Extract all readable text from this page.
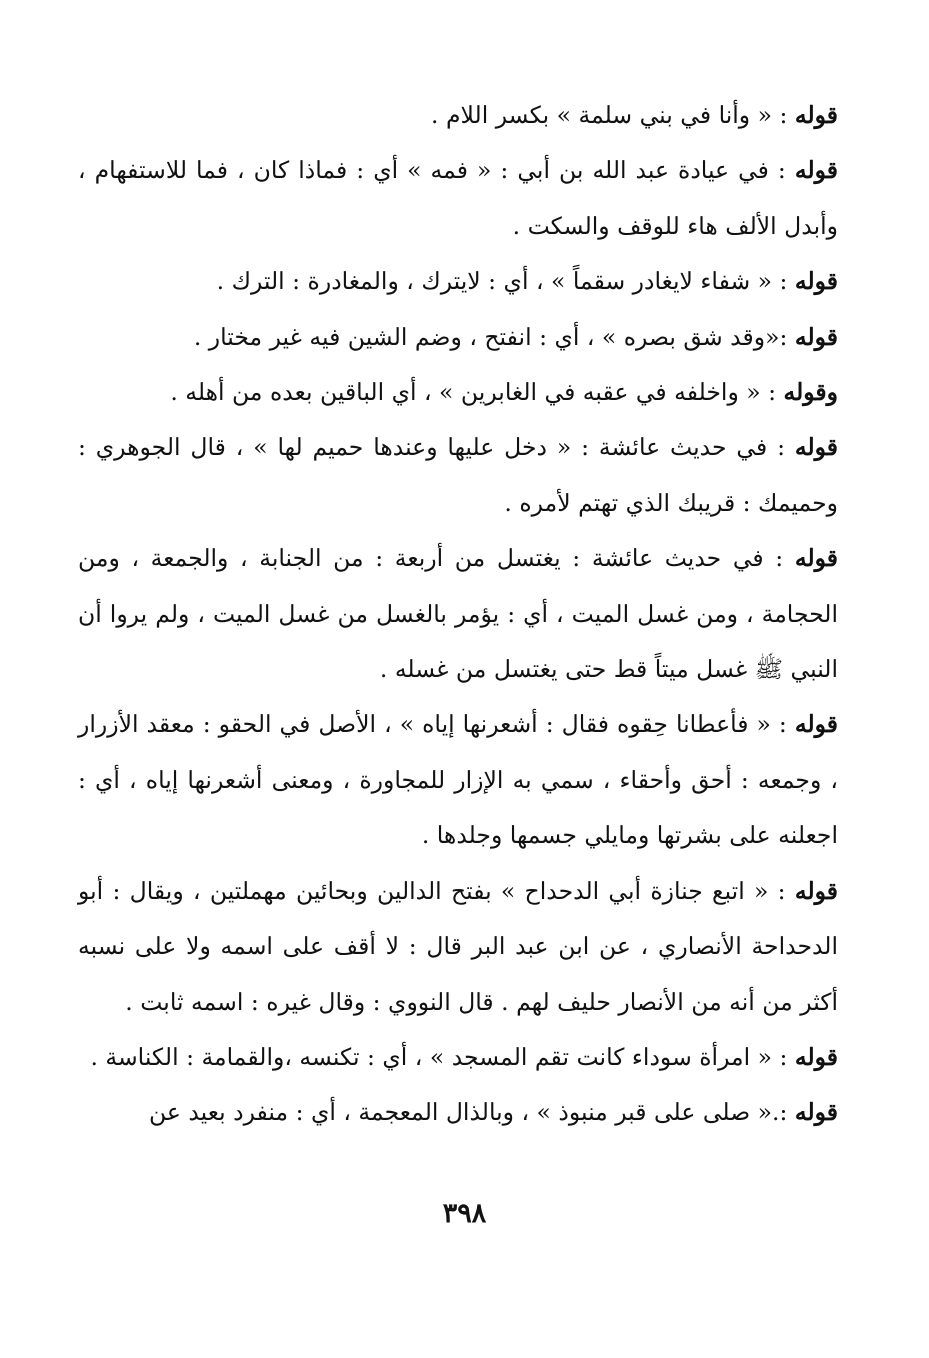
قوله : « وأنا في بني سلمة » بكسر اللام .

قوله : في عيادة عبد الله بن أبي : « فمه » أي : فماذا كان ، فما للاستفهام ، وأبدل الألف هاء للوقف والسكت .

قوله : « شفاء لايغادر سقماً » ، أي : لايترك ، والمغادرة : الترك .

قوله :«وقد شق بصره » ، أي : انفتح ، وضم الشين فيه غير مختار .

وقوله : « واخلفه في عقبه في الغابرين » ، أي الباقين بعده من أهله .

قوله : في حديث عائشة : « دخل عليها وعندها حميم لها » ، قال الجوهري : وحميمك : قريبك الذي تهتم لأمره .

قوله : في حديث عائشة : يغتسل من أربعة : من الجنابة ، والجمعة ، ومن الحجامة ، ومن غسل الميت ، أي : يؤمر بالغسل من غسل الميت ، ولم يروا أن النبي ﷺ غسل ميتاً قط حتى يغتسل من غسله .

قوله : « فأعطانا حِقوه فقال : أشعرنها إياه » ، الأصل في الحقو : معقد الأزرار ، وجمعه : أحق وأحقاء ، سمي به الإزار للمجاورة ، ومعنى أشعرنها إياه ، أي : اجعلنه على بشرتها ومايلي جسمها وجلدها .

قوله : « اتبع جنازة أبي الدحداح » بفتح الدالين وبحائين مهملتين ، ويقال : أبو الدحداحة الأنصاري ، عن ابن عبد البر قال : لا أقف على اسمه ولا على نسبه أكثر من أنه من الأنصار حليف لهم . قال النووي : وقال غيره : اسمه ثابت .

قوله : « امرأة سوداء كانت تقم المسجد » ، أي : تكنسه ،والقمامة : الكناسة .

قوله :.« صلى على قبر منبوذ » ، وبالذال المعجمة ، أي : منفرد بعيد عن

٣٩٨
